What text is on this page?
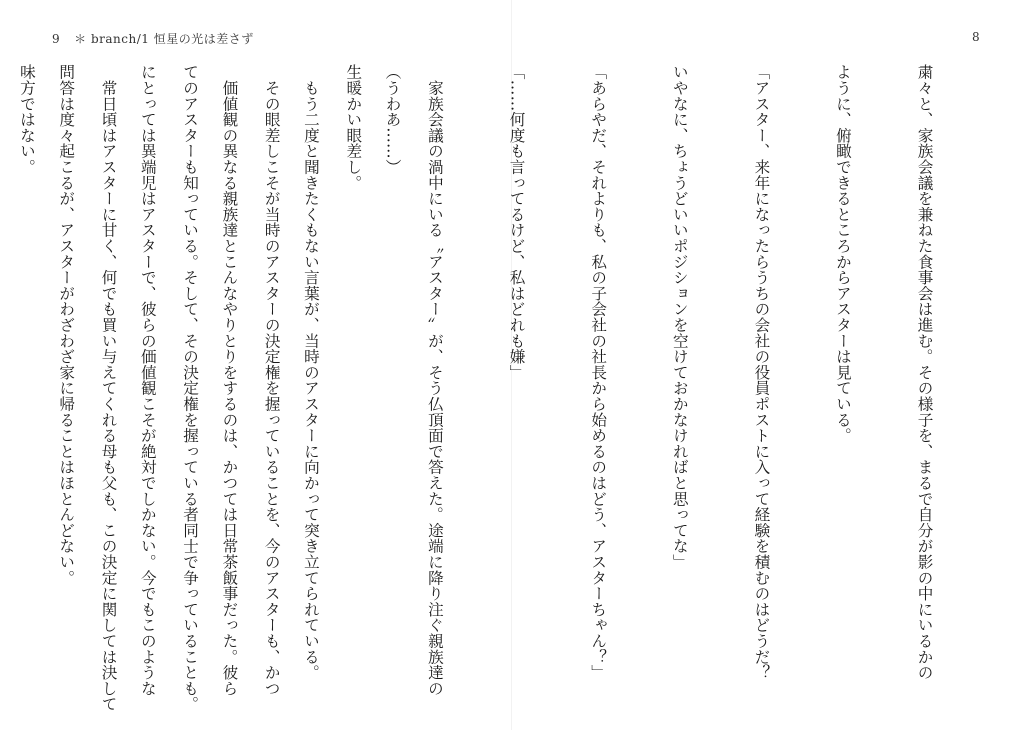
9 ＊ branch/1 恒星の光は差さず

（うわあ……）

　もう二度と聞きたくもない言葉が、当時のアスターに向かって突き立てられている。

　価値観の異なる親族達とこんなやりとりをするのは、かつては日常茶飯事だった。彼ら

にとっては異端児はアスターで、彼らの価値観こそが絶対でしかない。今でもこのような

問答は度々起こるが、アスターがわざわざ家に帰ることはほとんどない。

8

粛々と、家族会議を兼ねた食事会は進む。その様子を、まるで自分が影の中にいるかの

ように、俯瞰できるところからアスターは見ている。

「アスター、来年になったらうちの会社の役員ポストに入って経験を積むのはどうだ？

いやなに、ちょうどいいポジションを空けておかなければと思ってな」

「あらやだ、それよりも、私の子会社の社長から始めるのはどう、アスターちゃん？」

「……何度も言ってるけど、私はどれも嫌」

　家族会議の渦中にいる〝アスター〟が、そう仏頂面で答えた。途端に降り注ぐ親族達の

生暖かい眼差し。

　その眼差しこそが当時のアスターの決定権を握っていることを、今のアスターも、かつ

てのアスターも知っている。そして、その決定権を握っている者同士で争っていることも。

　常日頃はアスターに甘く、何でも買い与えてくれる母も父も、この決定に関しては決して

味方ではない。
